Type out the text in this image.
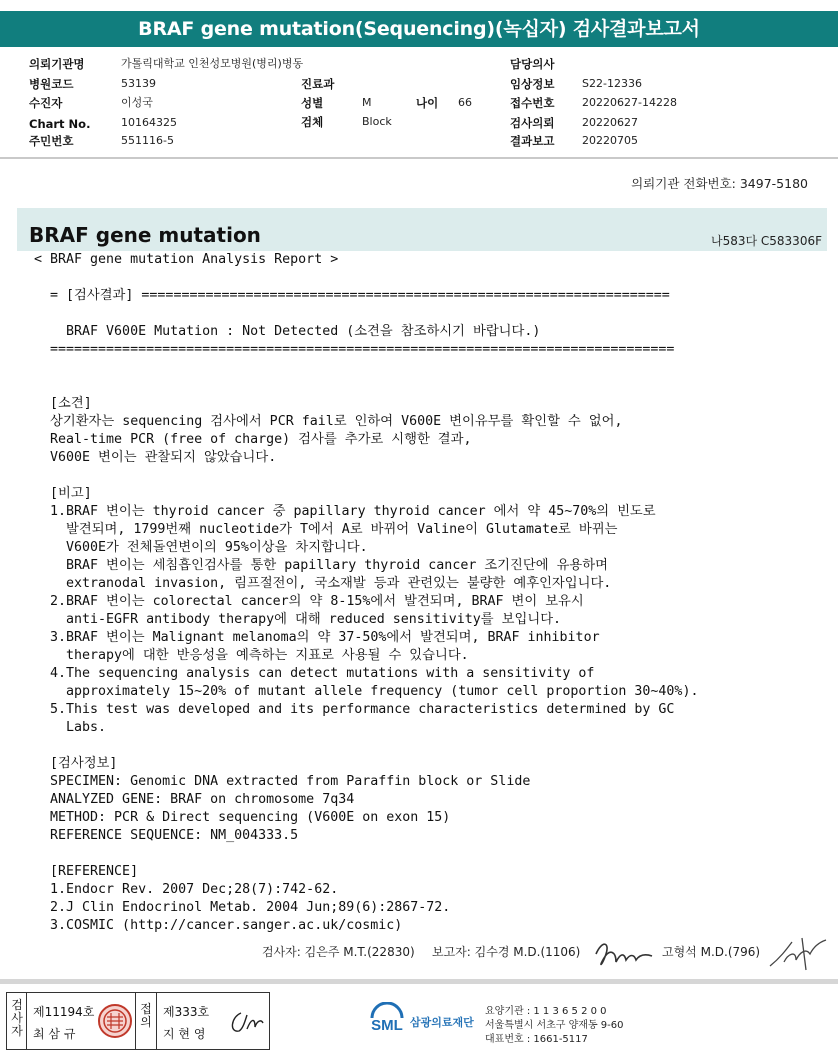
BRAF gene mutation(Sequencing)(녹십자) 검사결과보고서
의뢰기관명	가톨릭대학교 인천성모병원(병리)병동
병원코드	53139
수진자	이성국
Chart No.	10164325
주민번호	551116-5
진료과
성별	M	나이 66
검체	Block
담당의사
임상정보	S22-12336
접수번호	20220627-14228
검사의뢰	20220627
결과보고	20220705
의뢰기관 전화번호: 3497-5180
BRAF gene mutation	나583다 C583306F
< BRAF gene mutation Analysis Report >

= [검사결과] ==================================================================

BRAF V600E Mutation : Not Detected (소견을 참조하시기 바랍니다.)
==============================================================================

[소견]
상기환자는 sequencing 검사에서 PCR fail로 인하여 V600E 변이유무를 확인할 수 없어,
Real-time PCR (free of charge) 검사를 추가로 시행한 결과,
V600E 변이는 관찰되지 않았습니다.

[비고]
1.BRAF 변이는 thyroid cancer 중 papillary thyroid cancer 에서 약 45~70%의 빈도로
발견되며, 1799번째 nucleotide가 T에서 A로 바뀌어 Valine이 Glutamate로 바뀌는
V600E가 전체돌연변이의 95%이상을 차지합니다.
BRAF 변이는 세침흡인검사를 통한 papillary thyroid cancer 조기진단에 유용하며
extranodal invasion, 림프절전이, 국소재발 등과 관련있는 불량한 예후인자입니다.
2.BRAF 변이는 colorectal cancer의 약 8-15%에서 발견되며, BRAF 변이 보유시
anti-EGFR antibody therapy에 대해 reduced sensitivity를 보입니다.
3.BRAF 변이는 Malignant melanoma의 약 37-50%에서 발견되며, BRAF inhibitor
therapy에 대한 반응성을 예측하는 지표로 사용될 수 있습니다.
4.The sequencing analysis can detect mutations with a sensitivity of
approximately 15~20% of mutant allele frequency (tumor cell proportion 30~40%).
5.This test was developed and its performance characteristics determined by GC
Labs.

[검사정보]
SPECIMEN: Genomic DNA extracted from Paraffin block or Slide
ANALYZED GENE: BRAF on chromosome 7q34
METHOD: PCR & Direct sequencing (V600E on exon 15)
REFERENCE SEQUENCE: NM_004333.5

[REFERENCE]
1.Endocr Rev. 2007 Dec;28(7):742-62.
2.J Clin Endocrinol Metab. 2004 Jun;89(6):2867-72.
3.COSMIC (http://cancer.sanger.ac.uk/cosmic)
검사자: 김은주 M.T.(22830) 보고자: 김수경 M.D.(1106)	고형석 M.D.(796)
검사자
제11194호
최 삼 규
접의
제333호
지 현 영	SML 삼광의료재단
요양기관 : 1 1 3 6 5 2 0 0
서울특별시 서초구 양재동 9-60
대표번호 : 1661-5117
